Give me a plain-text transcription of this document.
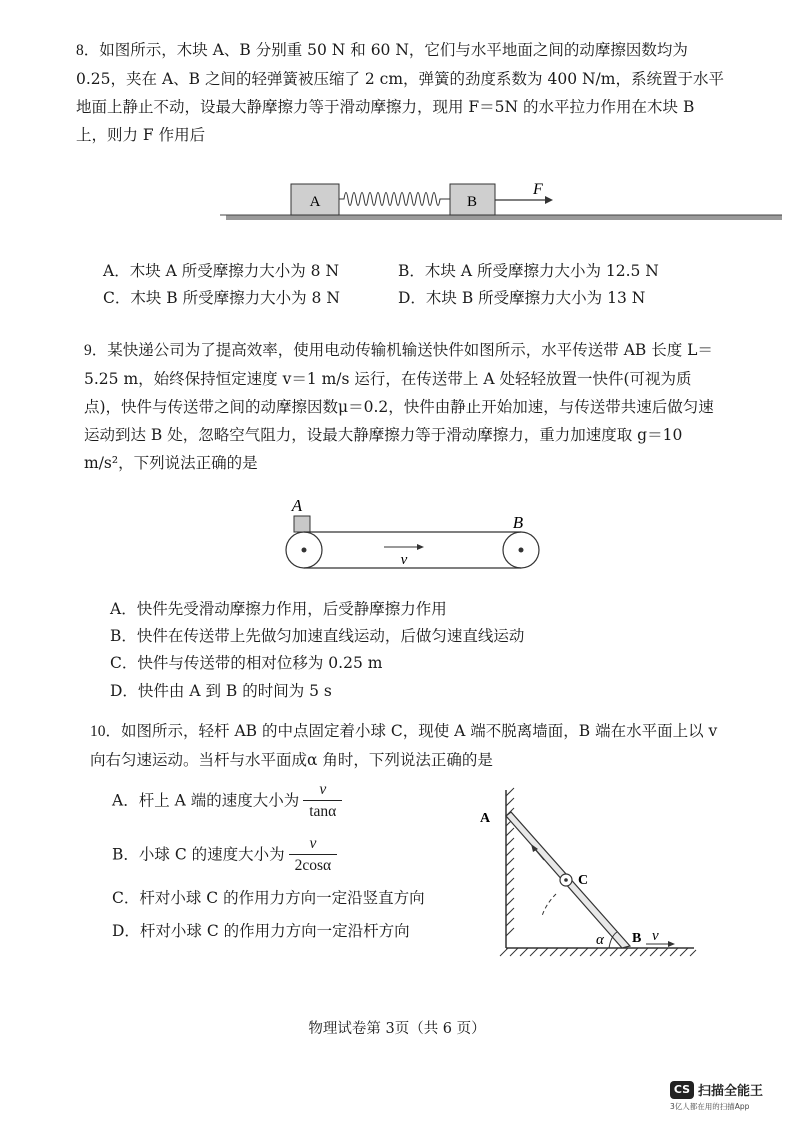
8．如图所示，木块 A、B 分别重 50 N 和 60 N，它们与水平地面之间的动摩擦因数均为 0.25，夹在 A、B 之间的轻弹簧被压缩了 2 cm，弹簧的劲度系数为 400 N/m，系统置于水平地面上静止不动，设最大静摩擦力等于滑动摩擦力，现用 F＝5N 的水平拉力作用在木块 B 上，则力 F 作用后

A	B
F
A．木块 A 所受摩擦力大小为 8 N	B．木块 A 所受摩擦力大小为 12.5 N
C．木块 B 所受摩擦力大小为 8 N	D．木块 B 所受摩擦力大小为 13 N

9．某快递公司为了提高效率，使用电动传输机输送快件如图所示，水平传送带 AB 长度 L＝5.25 m，始终保持恒定速度 v＝1 m/s 运行，在传送带上 A 处轻轻放置一快件(可视为质点)，快件与传送带之间的动摩擦因数μ＝0.2，快件由静止开始加速，与传送带共速后做匀速运动到达 B 处，忽略空气阻力，设最大静摩擦力等于滑动摩擦力，重力加速度取 g＝10 m/s²，下列说法正确的是

A
B
v
A．快件先受滑动摩擦力作用，后受静摩擦力作用
B．快件在传送带上先做匀加速直线运动，后做匀速直线运动
C．快件与传送带的相对位移为 0.25 m
D．快件由 A 到 B 的时间为 5 s

10．如图所示，轻杆 AB 的中点固定着小球 C，现使 A 端不脱离墙面，B 端在水平面上以 v 向右匀速运动。当杆与水平面成α 角时，下列说法正确的是

A．杆上 A 端的速度大小为 $\frac{v}{\tan\alpha}$
B．小球 C 的速度大小为 $\frac{v}{2\cos\alpha}$
C．杆对小球 C 的作用力方向一定沿竖直方向
D．杆对小球 C 的作用力方向一定沿杆方向
C
A
α B v
物理试卷第 3页（共 6 页）
CS 扫描全能王
3亿人都在用的扫描App
